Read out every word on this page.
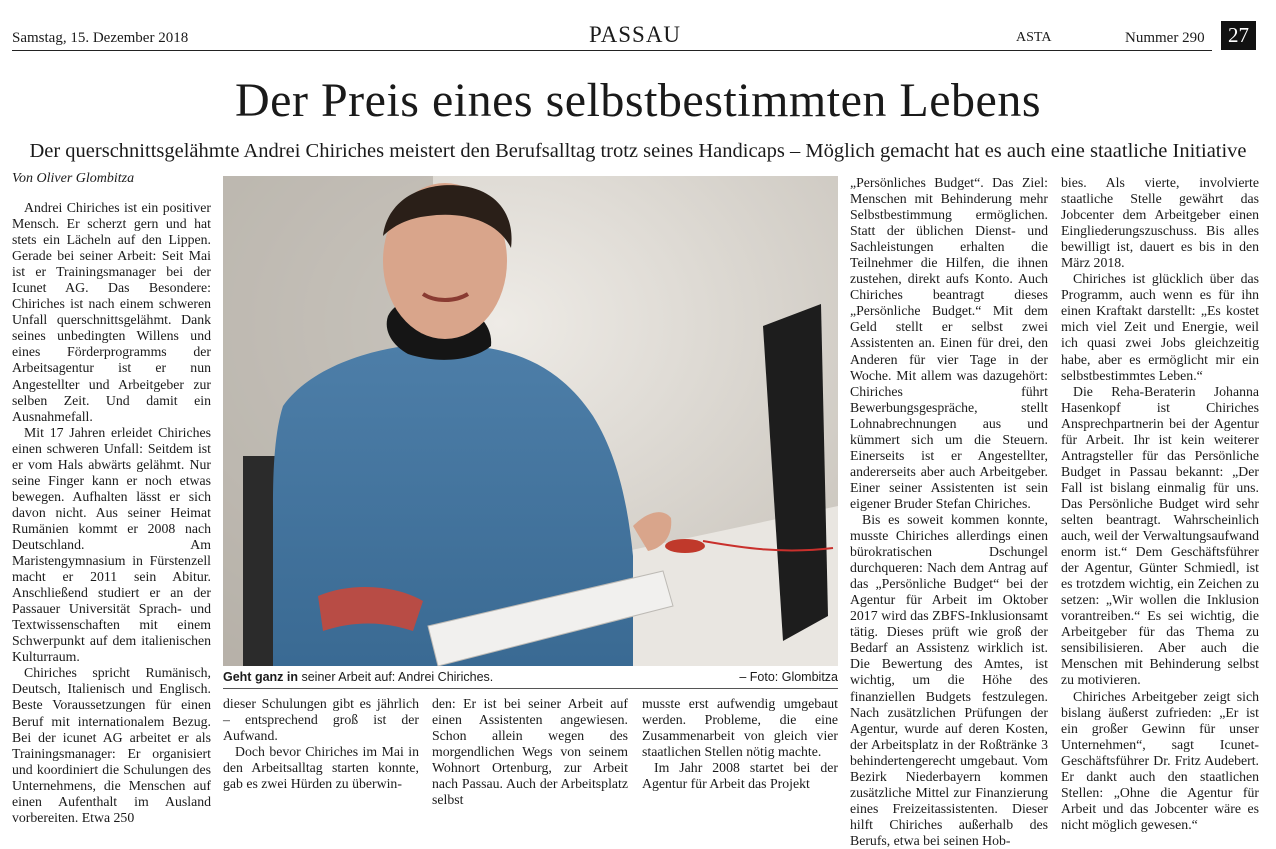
Samstag, 15. Dezember 2018	PASSAU	ASTA	Nummer 290	27
Der Preis eines selbstbestimmten Lebens
Der querschnittsgelähmte Andrei Chiriches meistert den Berufsalltag trotz seines Handicaps – Möglich gemacht hat es auch eine staatliche Initiative
Von Oliver Glombitza

Andrei Chiriches ist ein positiver Mensch. Er scherzt gern und hat stets ein Lächeln auf den Lippen. Gerade bei seiner Arbeit: Seit Mai ist er Trainingsmanager bei der Icunet AG. Das Besondere: Chiriches ist nach einem schweren Unfall querschnittsgelähmt. Dank seines unbedingten Willens und eines Förderprogramms der Arbeitsagentur ist er nun Angestellter und Arbeitgeber zur selben Zeit. Und damit ein Ausnahmefall.

Mit 17 Jahren erleidet Chiriches einen schweren Unfall: Seitdem ist er vom Hals abwärts gelähmt. Nur seine Finger kann er noch etwas bewegen. Aufhalten lässt er sich davon nicht. Aus seiner Heimat Rumänien kommt er 2008 nach Deutschland. Am Maristengymnasium in Fürstenzell macht er 2011 sein Abitur. Anschließend studiert er an der Passauer Universität Sprach- und Textwissenschaften mit einem Schwerpunkt auf dem italienischen Kulturraum.

Chiriches spricht Rumänisch, Deutsch, Italienisch und Englisch. Beste Voraussetzungen für einen Beruf mit internationalem Bezug. Bei der icunet AG arbeitet er als Trainingsmanager: Er organisiert und koordiniert die Schulungen des Unternehmens, die Menschen auf einen Aufenthalt im Ausland vorbereiten. Etwa 250

Geht ganz in seiner Arbeit auf: Andrei Chiriches.	– Foto: Glombitza

dieser Schulungen gibt es jährlich – entsprechend groß ist der Aufwand.

Doch bevor Chiriches im Mai in den Arbeitsalltag starten konnte, gab es zwei Hürden zu überwin-

den: Er ist bei seiner Arbeit auf einen Assistenten angewiesen. Schon allein wegen des morgendlichen Wegs von seinem Wohnort Ortenburg, zur Arbeit nach Passau. Auch der Arbeitsplatz selbst

musste erst aufwendig umgebaut werden. Probleme, die eine Zusammenarbeit von gleich vier staatlichen Stellen nötig machte.

Im Jahr 2008 startet bei der Agentur für Arbeit das Projekt

„Persönliches Budget“. Das Ziel: Menschen mit Behinderung mehr Selbstbestimmung ermöglichen. Statt der üblichen Dienst- und Sachleistungen erhalten die Teilnehmer die Hilfen, die ihnen zustehen, direkt aufs Konto. Auch Chiriches beantragt dieses „Persönliche Budget.“ Mit dem Geld stellt er selbst zwei Assistenten an. Einen für drei, den Anderen für vier Tage in der Woche. Mit allem was dazugehört: Chiriches führt Bewerbungsgespräche, stellt Lohnabrechnungen aus und kümmert sich um die Steuern. Einerseits ist er Angestellter, andererseits aber auch Arbeitgeber. Einer seiner Assistenten ist sein eigener Bruder Stefan Chiriches.

Bis es soweit kommen konnte, musste Chiriches allerdings einen bürokratischen Dschungel durchqueren: Nach dem Antrag auf das „Persönliche Budget“ bei der Agentur für Arbeit im Oktober 2017 wird das ZBFS-Inklusionsamt tätig. Dieses prüft wie groß der Bedarf an Assistenz wirklich ist. Die Bewertung des Amtes, ist wichtig, um die Höhe des finanziellen Budgets festzulegen. Nach zusätzlichen Prüfungen der Agentur, wurde auf deren Kosten, der Arbeitsplatz in der Roßtränke 3 behindertengerecht umgebaut. Vom Bezirk Niederbayern kommen zusätzliche Mittel zur Finanzierung eines Freizeitassistenten. Dieser hilft Chiriches außerhalb des Berufs, etwa bei seinen Hob-

bies. Als vierte, involvierte staatliche Stelle gewährt das Jobcenter dem Arbeitgeber einen Eingliederungszuschuss. Bis alles bewilligt ist, dauert es bis in den März 2018.

Chiriches ist glücklich über das Programm, auch wenn es für ihn einen Kraftakt darstellt: „Es kostet mich viel Zeit und Energie, weil ich quasi zwei Jobs gleichzeitig habe, aber es ermöglicht mir ein selbstbestimmtes Leben.“

Die Reha-Beraterin Johanna Hasenkopf ist Chiriches Ansprechpartnerin bei der Agentur für Arbeit. Ihr ist kein weiterer Antragsteller für das Persönliche Budget in Passau bekannt: „Der Fall ist bislang einmalig für uns. Das Persönliche Budget wird sehr selten beantragt. Wahrscheinlich auch, weil der Verwaltungsaufwand enorm ist.“ Dem Geschäftsführer der Agentur, Günter Schmiedl, ist es trotzdem wichtig, ein Zeichen zu setzen: „Wir wollen die Inklusion vorantreiben.“ Es sei wichtig, die Arbeitgeber für das Thema zu sensibilisieren. Aber auch die Menschen mit Behinderung selbst zu motivieren.

Chiriches Arbeitgeber zeigt sich bislang äußerst zufrieden: „Er ist ein großer Gewinn für unser Unternehmen“, sagt Icunet-Geschäftsführer Dr. Fritz Audebert. Er dankt auch den staatlichen Stellen: „Ohne die Agentur für Arbeit und das Jobcenter wäre es nicht möglich gewesen.“
